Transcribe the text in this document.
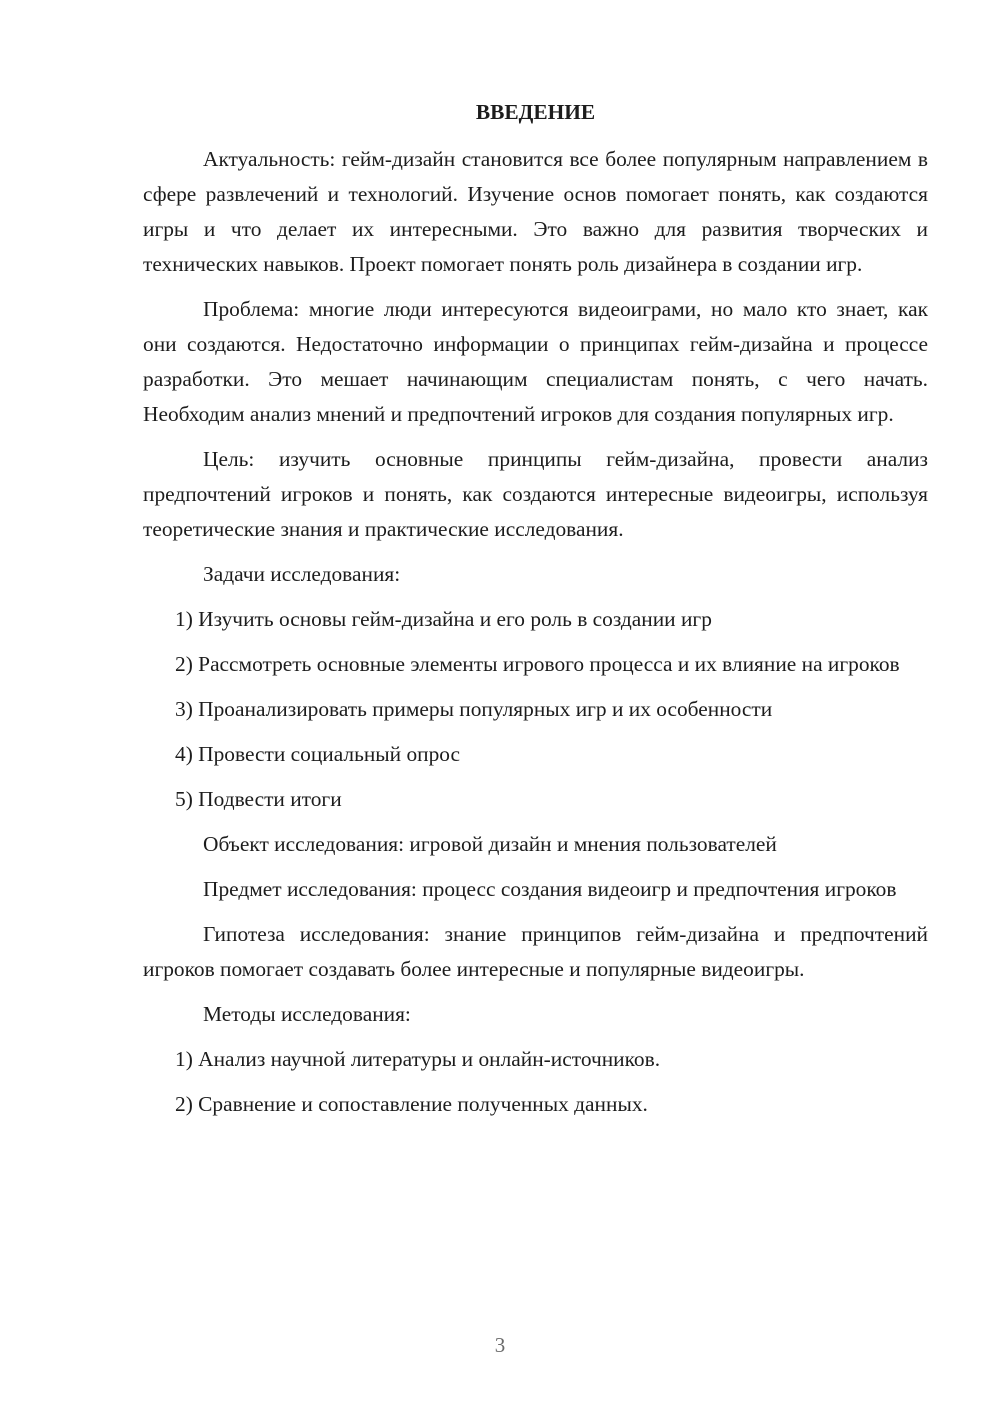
ВВЕДЕНИЕ

Актуальность: гейм-дизайн становится все более популярным направлением в сфере развлечений и технологий. Изучение основ помогает понять, как создаются игры и что делает их интересными. Это важно для развития творческих и технических навыков. Проект помогает понять роль дизайнера в создании игр.

Проблема: многие люди интересуются видеоиграми, но мало кто знает, как они создаются. Недостаточно информации о принципах гейм-дизайна и процессе разработки. Это мешает начинающим специалистам понять, с чего начать. Необходим анализ мнений и предпочтений игроков для создания популярных игр.

Цель: изучить основные принципы гейм-дизайна, провести анализ предпочтений игроков и понять, как создаются интересные видеоигры, используя теоретические знания и практические исследования.

Задачи исследования:
1) Изучить основы гейм-дизайна и его роль в создании игр
2) Рассмотреть основные элементы игрового процесса и их влияние на игроков
3) Проанализировать примеры популярных игр и их особенности
4) Провести социальный опрос
5) Подвести итоги
Объект исследования: игровой дизайн и мнения пользователей

Предмет исследования: процесс создания видеоигр и предпочтения игроков

Гипотеза исследования: знание принципов гейм-дизайна и предпочтений игроков помогает создавать более интересные и популярные видеоигры.

Методы исследования:
1) Анализ научной литературы и онлайн-источников.
2) Сравнение и сопоставление полученных данных.
3
